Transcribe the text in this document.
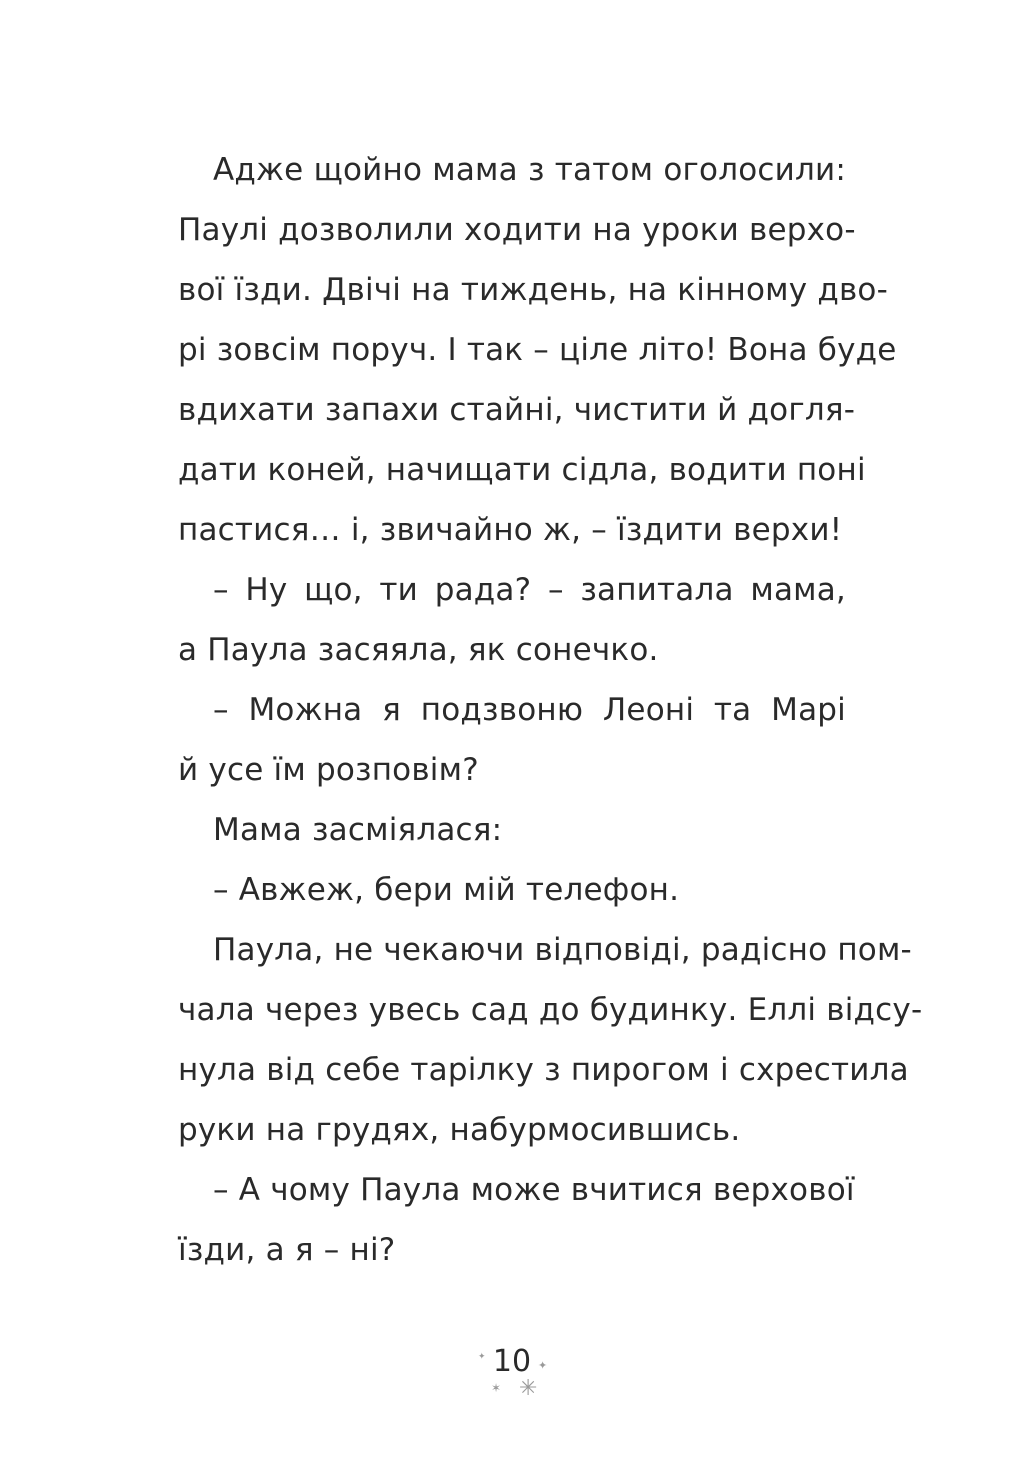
Адже щойно мама з татом оголосили:
Паулі дозволили ходити на уроки верхо-
вої їзди. Двічі на тиждень, на кінному дво-
рі зовсім поруч. І так – ціле літо! Вона буде
вдихати запахи стайні, чистити й догля-
дати коней, начищати сідла, водити поні
пастися… і, звичайно ж, – їздити верхи!
– Ну що, ти рада? – запитала мама,
а Паула засяяла, як сонечко.
– Можна я подзвоню Леоні та Марі
й усе їм розповім?
Мама засміялася:
– Авжеж, бери мій телефон.
Паула, не чекаючи відповіді, радісно пом-
чала через увесь сад до будинку. Еллі відсу-
нула від себе тарілку з пирогом і схрестила
руки на грудях, набурмосившись.
– А чому Паула може вчитися верхової
їзди, а я – ні?
10
✦
✦
✶ ✳
